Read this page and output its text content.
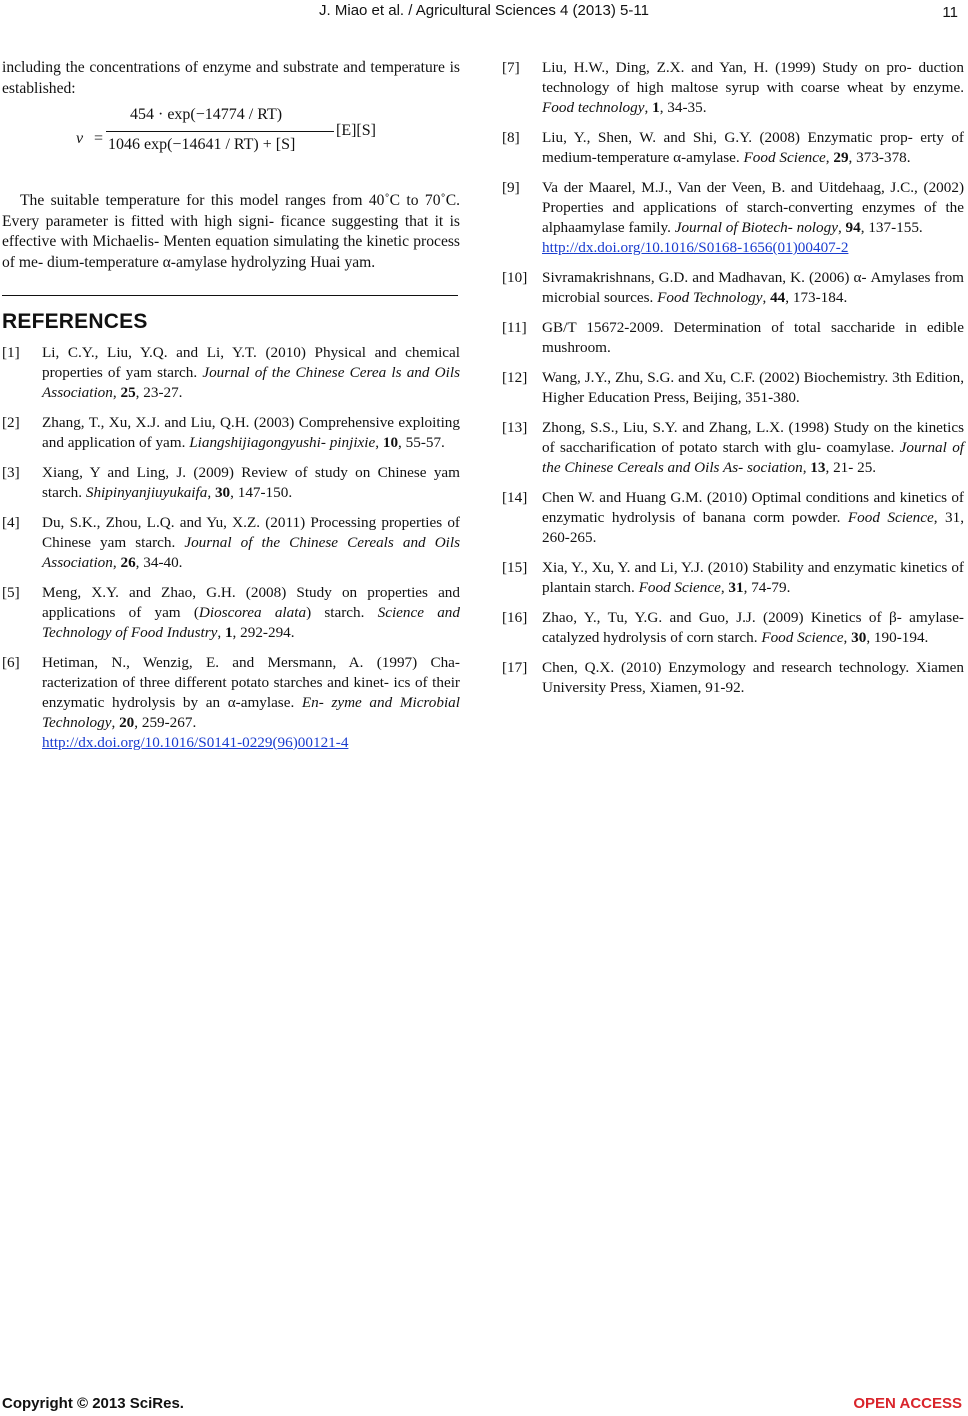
J. Miao et al. / Agricultural Sciences 4 (2013) 5-11	11

including the concentrations of enzyme and substrate and temperature is established:

v =
454 · exp(−14774 / RT)
1046 exp(−14641 / RT) + [S]
[E][S]

The suitable temperature for this model ranges from 40˚C to 70˚C. Every parameter is fitted with high signi- ficance suggesting that it is effective with Michaelis- Menten equation simulating the kinetic process of me- dium-temperature α-amylase hydrolyzing Huai yam.

REFERENCES
[1] Li, C.Y., Liu, Y.Q. and Li, Y.T. (2010) Physical and chemical properties of yam starch. Journal of the Chinese Cerea ls and Oils Association, 25, 23-27.
[2] Zhang, T., Xu, X.J. and Liu, Q.H. (2003) Comprehensive exploiting and application of yam. Liangshijiagongyushi- pinjixie, 10, 55-57.
[3] Xiang, Y and Ling, J. (2009) Review of study on Chinese yam starch. Shipinyanjiuyukaifa, 30, 147-150.
[4] Du, S.K., Zhou, L.Q. and Yu, X.Z. (2011) Processing properties of Chinese yam starch. Journal of the Chinese Cereals and Oils Association, 26, 34-40.
[5] Meng, X.Y. and Zhao, G.H. (2008) Study on properties and applications of yam (Dioscorea alata) starch. Science and Technology of Food Industry, 1, 292-294.
[6] Hetiman, N., Wenzig, E. and Mersmann, A. (1997) Cha- racterization of three different potato starches and kinet- ics of their enzymatic hydrolysis by an α-amylase. En- zyme and Microbial Technology, 20, 259-267.
http://dx.doi.org/10.1016/S0141-0229(96)00121-4
[7] Liu, H.W., Ding, Z.X. and Yan, H. (1999) Study on pro- duction technology of high maltose syrup with coarse wheat by enzyme. Food technology, 1, 34-35.
[8] Liu, Y., Shen, W. and Shi, G.Y. (2008) Enzymatic prop- erty of medium-temperature α-amylase. Food Science, 29, 373-378.
[9] Va der Maarel, M.J., Van der Veen, B. and Uitdehaag, J.C., (2002) Properties and applications of starch-converting enzymes of the alphaamylase family. Journal of Biotech- nology, 94, 137-155.
http://dx.doi.org/10.1016/S0168-1656(01)00407-2
[10] Sivramakrishnans, G.D. and Madhavan, K. (2006) α- Amylases from microbial sources. Food Technology, 44, 173-184.
[11] GB/T 15672-2009. Determination of total saccharide in edible mushroom.
[12] Wang, J.Y., Zhu, S.G. and Xu, C.F. (2002) Biochemistry. 3th Edition, Higher Education Press, Beijing, 351-380.
[13] Zhong, S.S., Liu, S.Y. and Zhang, L.X. (1998) Study on the kinetics of saccharification of potato starch with glu- coamylase. Journal of the Chinese Cereals and Oils As- sociation, 13, 21- 25.
[14] Chen W. and Huang G.M. (2010) Optimal conditions and kinetics of enzymatic hydrolysis of banana corm powder. Food Science, 31, 260-265.
[15] Xia, Y., Xu, Y. and Li, Y.J. (2010) Stability and enzymatic kinetics of plantain starch. Food Science, 31, 74-79.
[16] Zhao, Y., Tu, Y.G. and Guo, J.J. (2009) Kinetics of β- amylase-catalyzed hydrolysis of corn starch. Food Science, 30, 190-194.
[17] Chen, Q.X. (2010) Enzymology and research technology. Xiamen University Press, Xiamen, 91-92.
Copyright © 2013 SciRes.	OPEN ACCESS
